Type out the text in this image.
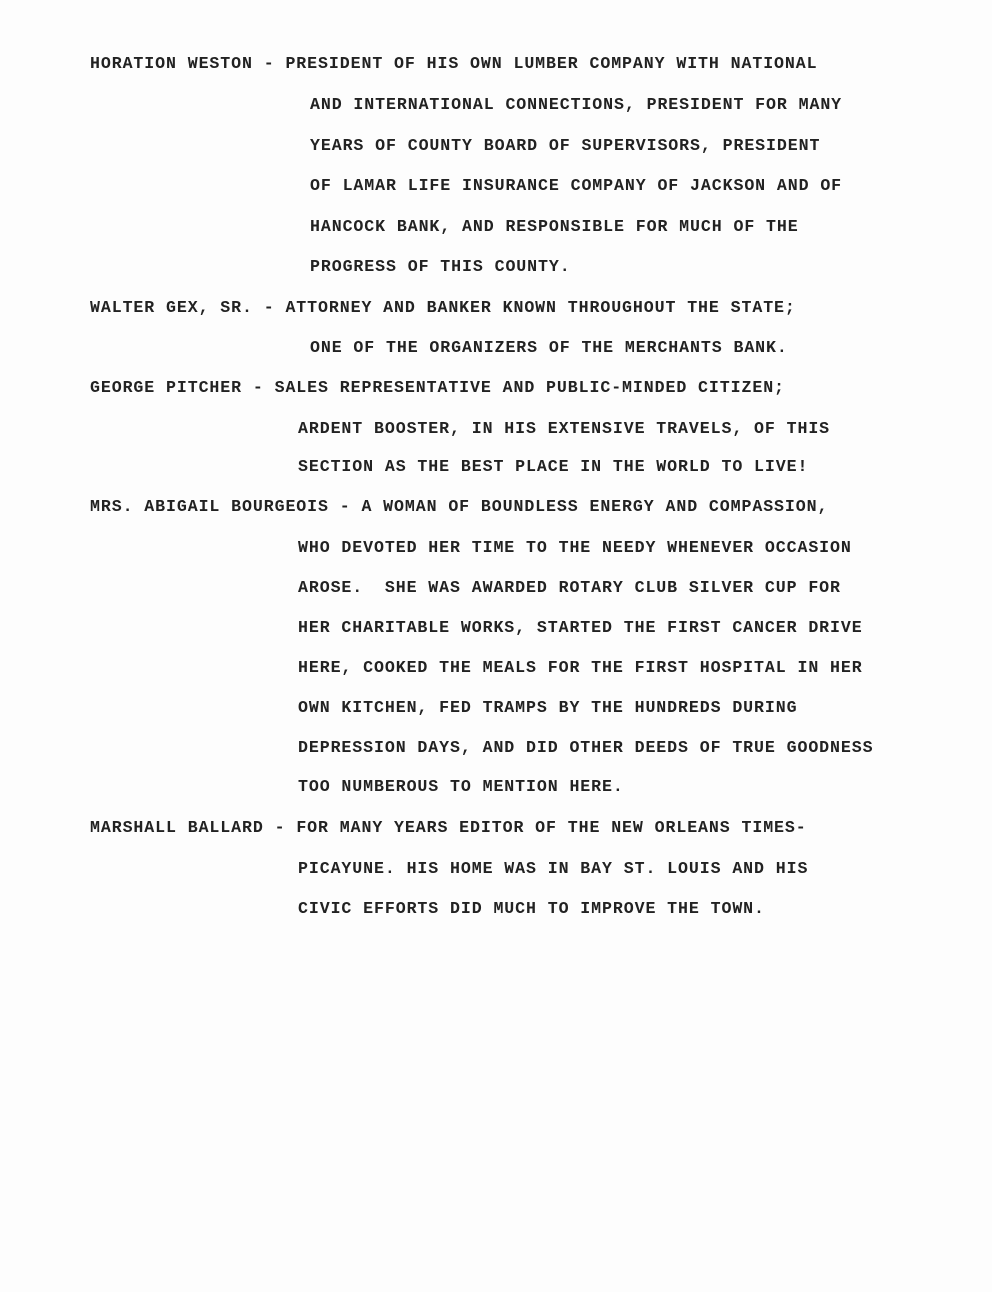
HORATION WESTON - PRESIDENT OF HIS OWN LUMBER COMPANY WITH NATIONAL
AND INTERNATIONAL CONNECTIONS, PRESIDENT FOR MANY
YEARS OF COUNTY BOARD OF SUPERVISORS, PRESIDENT
OF LAMAR LIFE INSURANCE COMPANY OF JACKSON AND OF
HANCOCK BANK, AND RESPONSIBLE FOR MUCH OF THE
PROGRESS OF THIS COUNTY.
WALTER GEX, SR. - ATTORNEY AND BANKER KNOWN THROUGHOUT THE STATE;
ONE OF THE ORGANIZERS OF THE MERCHANTS BANK.
GEORGE PITCHER - SALES REPRESENTATIVE AND PUBLIC-MINDED CITIZEN;
ARDENT BOOSTER, IN HIS EXTENSIVE TRAVELS, OF THIS
SECTION AS THE BEST PLACE IN THE WORLD TO LIVE!
MRS. ABIGAIL BOURGEOIS - A WOMAN OF BOUNDLESS ENERGY AND COMPASSION,
WHO DEVOTED HER TIME TO THE NEEDY WHENEVER OCCASION
AROSE.  SHE WAS AWARDED ROTARY CLUB SILVER CUP FOR
HER CHARITABLE WORKS, STARTED THE FIRST CANCER DRIVE
HERE, COOKED THE MEALS FOR THE FIRST HOSPITAL IN HER
OWN KITCHEN, FED TRAMPS BY THE HUNDREDS DURING
DEPRESSION DAYS, AND DID OTHER DEEDS OF TRUE GOODNESS
TOO NUMBEROUS TO MENTION HERE.
MARSHALL BALLARD - FOR MANY YEARS EDITOR OF THE NEW ORLEANS TIMES-
PICAYUNE. HIS HOME WAS IN BAY ST. LOUIS AND HIS
CIVIC EFFORTS DID MUCH TO IMPROVE THE TOWN.
